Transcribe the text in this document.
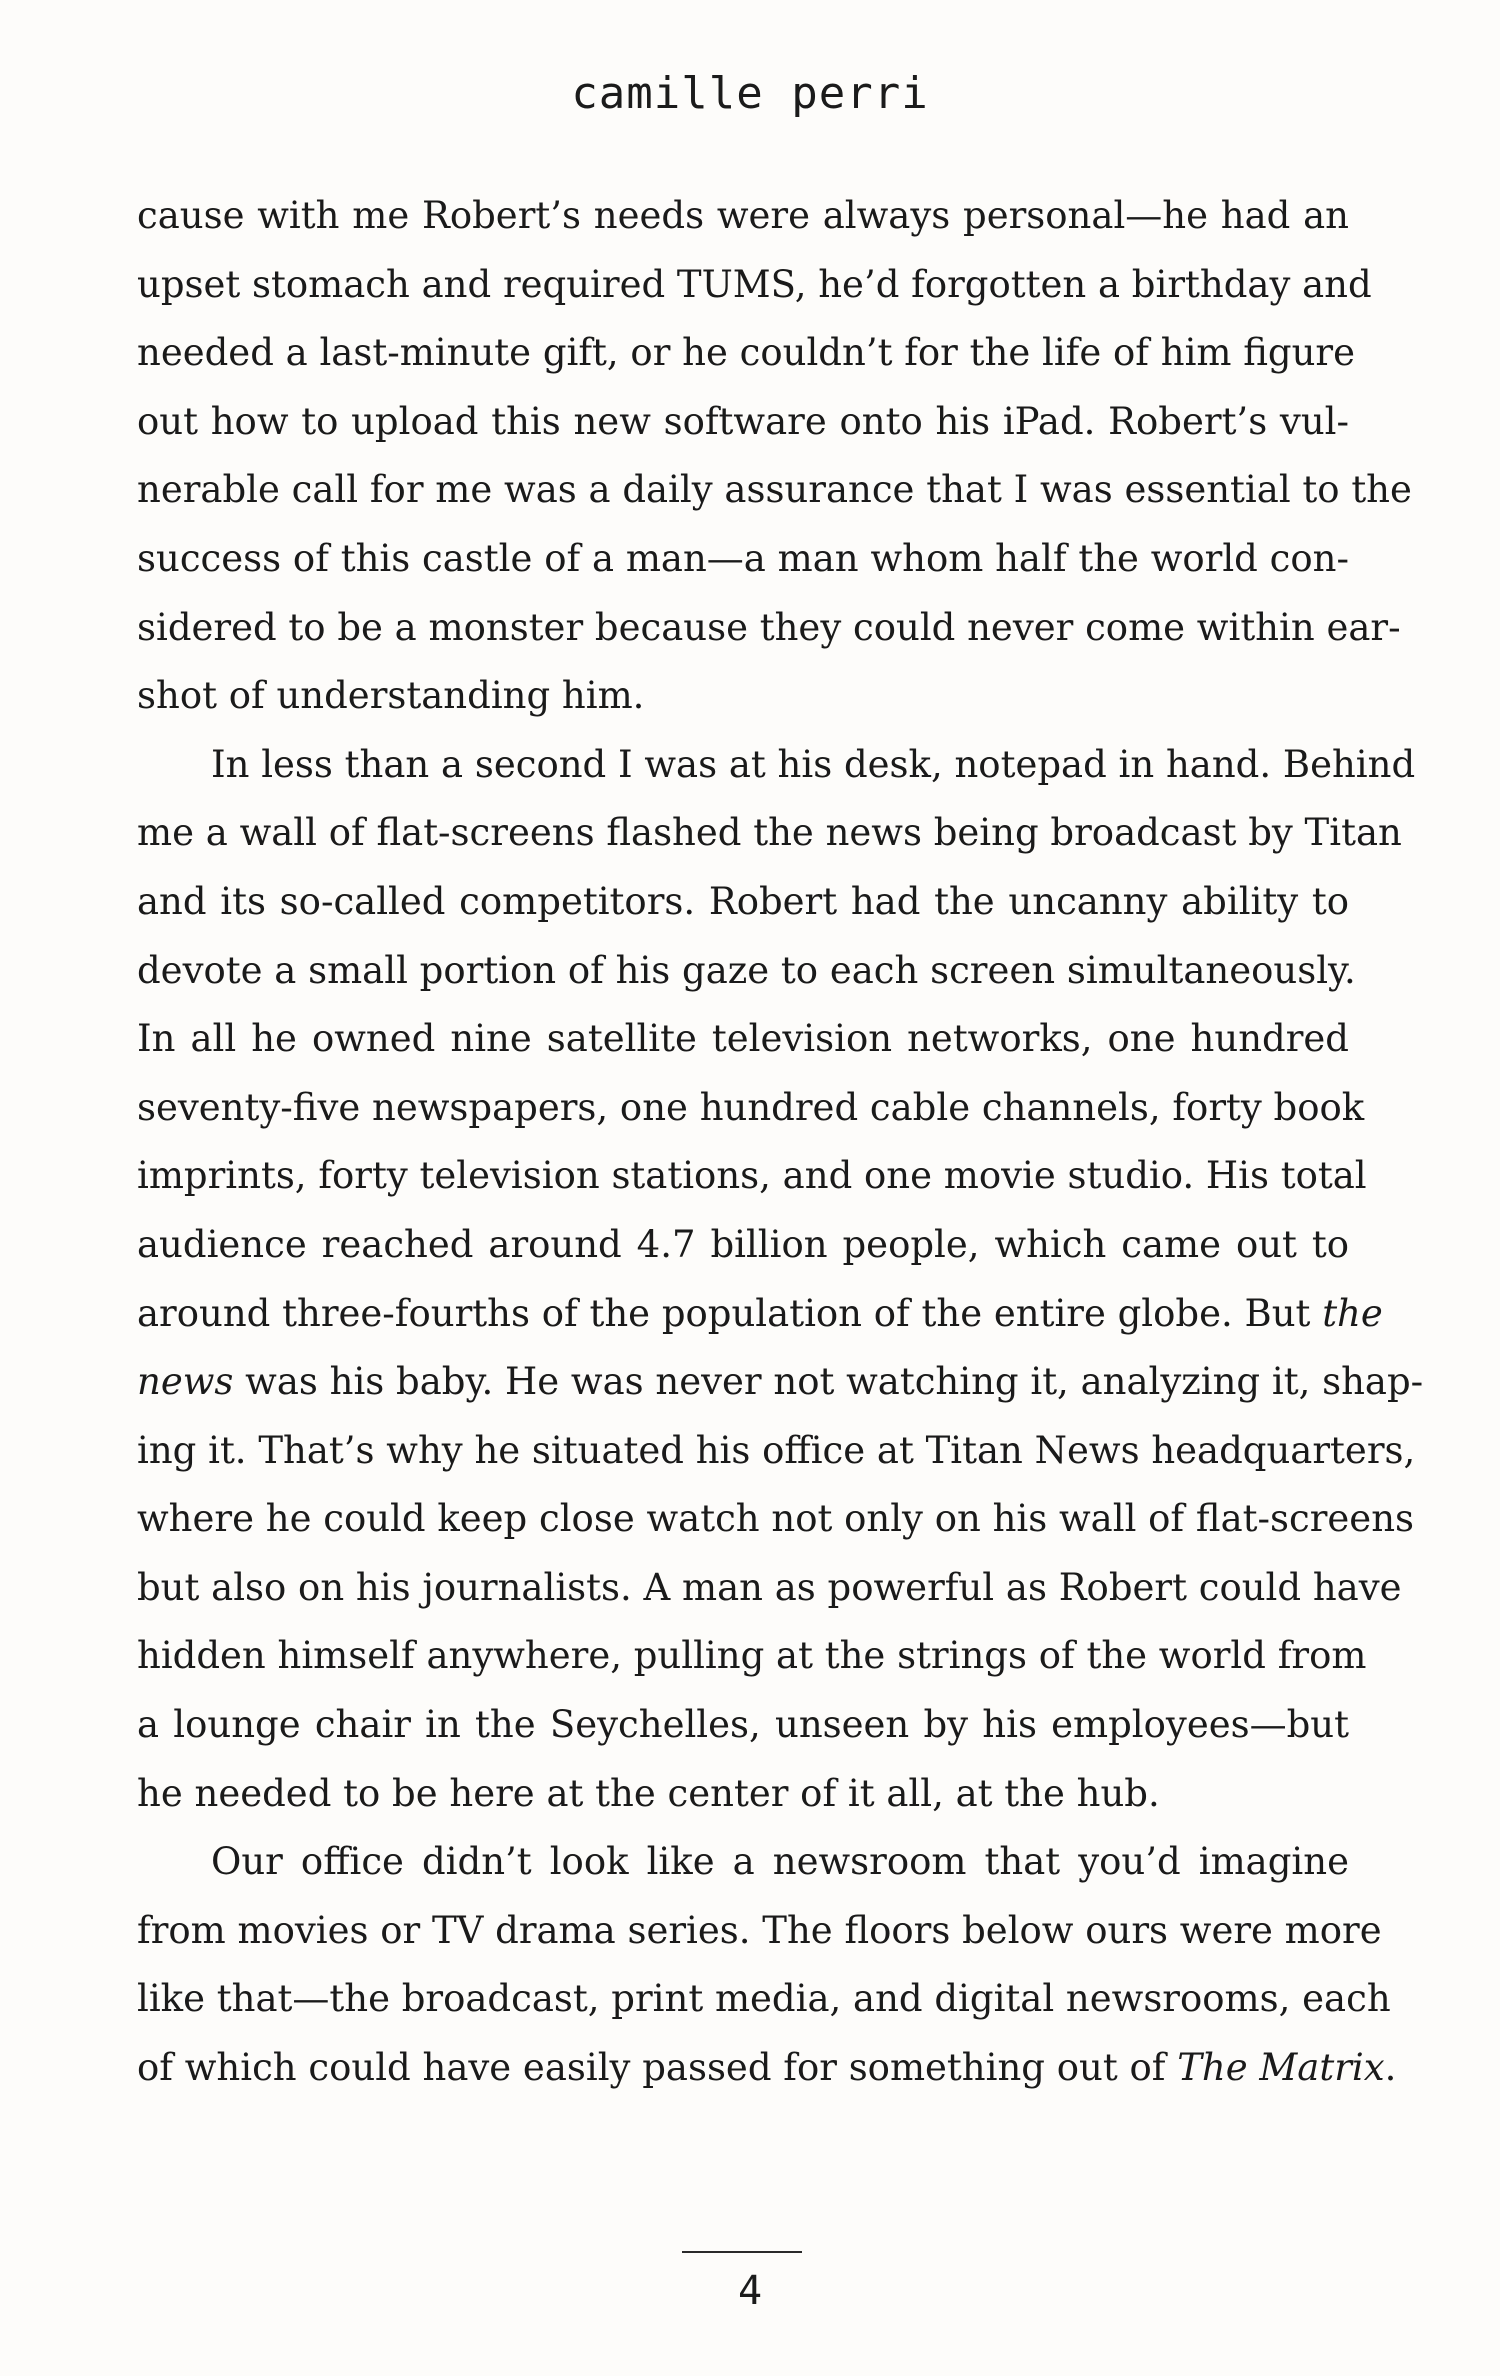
camille perri
cause with me Robert’s needs were always personal—he had an
upset stomach and required TUMS, he’d forgotten a birthday and
needed a last-minute gift, or he couldn’t for the life of him figure
out how to upload this new software onto his iPad. Robert’s vul-
nerable call for me was a daily assurance that I was essential to the
success of this castle of a man—a man whom half the world con-
sidered to be a monster because they could never come within ear-
shot of understanding him.
In less than a second I was at his desk, notepad in hand. Behind
me a wall of flat-screens flashed the news being broadcast by Titan
and its so-called competitors. Robert had the uncanny ability to
devote a small portion of his gaze to each screen simultaneously.
In all he owned nine satellite television networks, one hundred
seventy-five newspapers, one hundred cable channels, forty book
imprints, forty television stations, and one movie studio. His total
audience reached around 4.7 billion people, which came out to
around three-fourths of the population of the entire globe. But the
news was his baby. He was never not watching it, analyzing it, shap-
ing it. That’s why he situated his office at Titan News headquarters,
where he could keep close watch not only on his wall of flat-screens
but also on his journalists. A man as powerful as Robert could have
hidden himself anywhere, pulling at the strings of the world from
a lounge chair in the Seychelles, unseen by his employees—but
he needed to be here at the center of it all, at the hub.
Our office didn’t look like a newsroom that you’d imagine
from movies or TV drama series. The floors below ours were more
like that—the broadcast, print media, and digital newsrooms, each
of which could have easily passed for something out of The Matrix.
4
